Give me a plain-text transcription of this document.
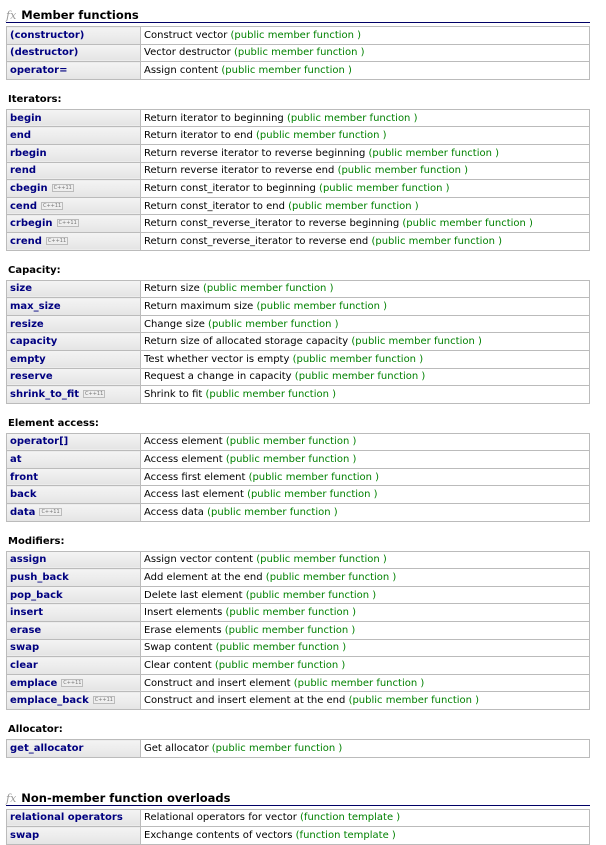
fx Member functions
(constructor)	Construct vector (public member function )
(destructor)	Vector destructor (public member function )
operator=	Assign content (public member function )
Iterators:
begin	Return iterator to beginning (public member function )
end	Return iterator to end (public member function )
rbegin	Return reverse iterator to reverse beginning (public member function )
rend	Return reverse iterator to reverse end (public member function )
cbegin C++11	Return const_iterator to beginning (public member function )
cend C++11	Return const_iterator to end (public member function )
crbegin C++11	Return const_reverse_iterator to reverse beginning (public member function )
crend C++11	Return const_reverse_iterator to reverse end (public member function )
Capacity:
size	Return size (public member function )
max_size	Return maximum size (public member function )
resize	Change size (public member function )
capacity	Return size of allocated storage capacity (public member function )
empty	Test whether vector is empty (public member function )
reserve	Request a change in capacity (public member function )
shrink_to_fit C++11	Shrink to fit (public member function )
Element access:
operator[]	Access element (public member function )
at	Access element (public member function )
front	Access first element (public member function )
back	Access last element (public member function )
data C++11	Access data (public member function )
Modifiers:
assign	Assign vector content (public member function )
push_back	Add element at the end (public member function )
pop_back	Delete last element (public member function )
insert	Insert elements (public member function )
erase	Erase elements (public member function )
swap	Swap content (public member function )
clear	Clear content (public member function )
emplace C++11	Construct and insert element (public member function )
emplace_back C++11	Construct and insert element at the end (public member function )
Allocator:
get_allocator	Get allocator (public member function )
fx Non-member function overloads
relational operators	Relational operators for vector (function template )
swap	Exchange contents of vectors (function template )
